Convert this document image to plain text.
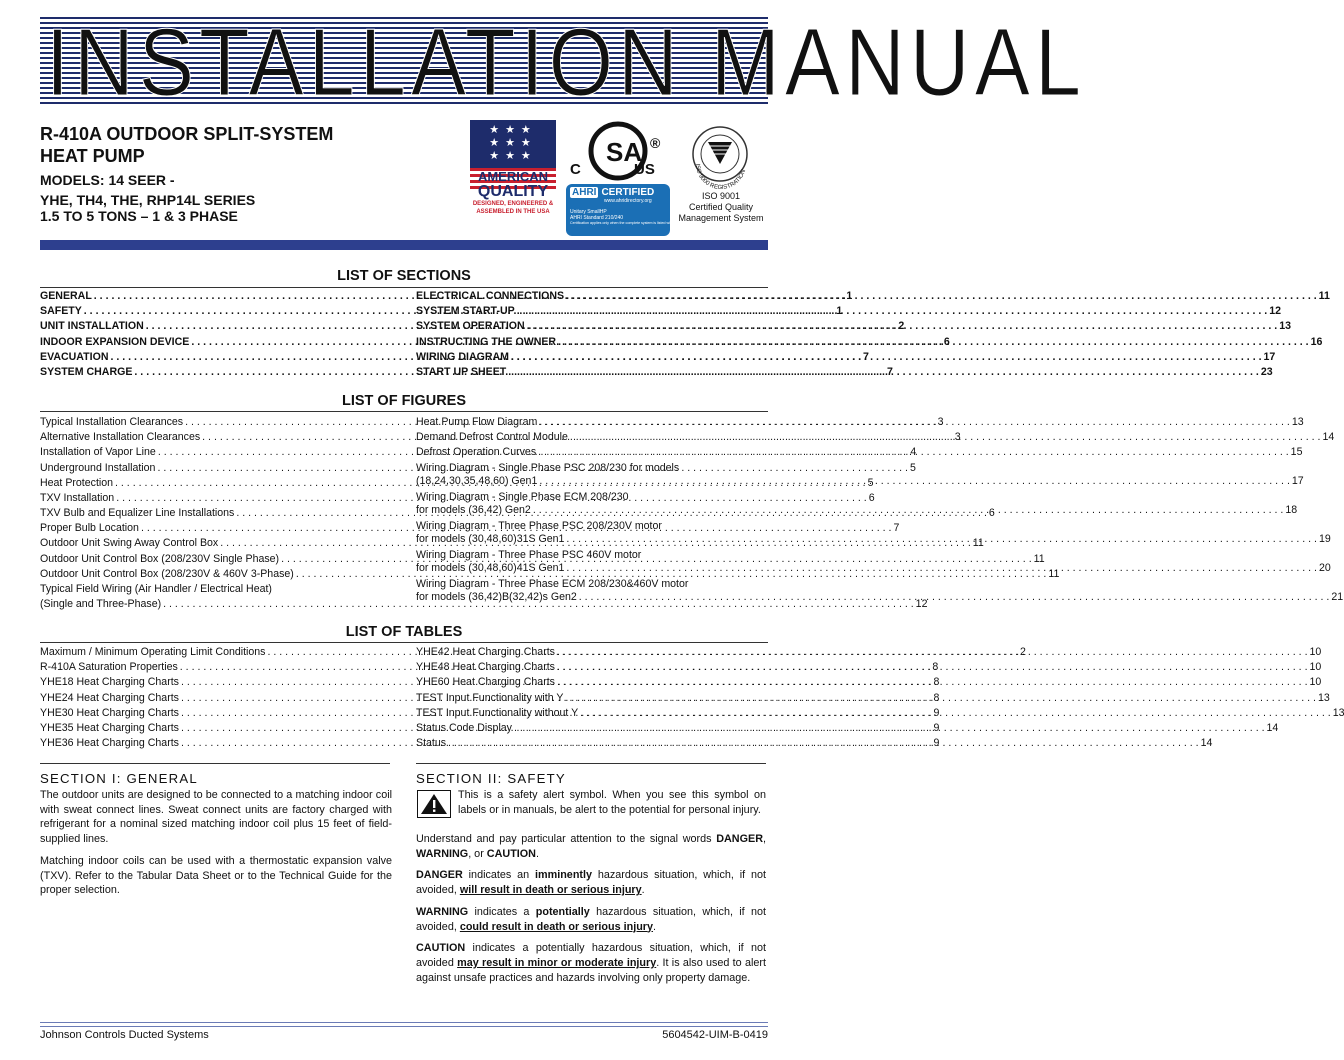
INSTALLATION MANUAL
R-410A OUTDOOR SPLIT-SYSTEM
HEAT PUMP
MODELS: 14 SEER -
YHE, TH4, THE, RHP14L SERIES
1.5 TO 5 TONS – 1 & 3 PHASE
★★★
★★★
★★★
AMERICAN
QUALITY
DESIGNED, ENGINEERED &
ASSEMBLED IN THE USA
SA
C	US
®
AHRI CERTIFIED
www.ahridirectory.org
Unitary SmallHP
AHRI Standard 210/240
Certification applies only when the complete system is listed with AHRI.
ISO 9000 REGISTRATION
ISO 9001
Certified Quality
Management System
LIST OF SECTIONS
GENERAL . . .	1
SAFETY . . .	1
UNIT INSTALLATION . . .	2
INDOOR EXPANSION DEVICE . . .	6
EVACUATION . . .	7
SYSTEM CHARGE . . .	7
ELECTRICAL CONNECTIONS . . .	11
SYSTEM START-UP . . .	12
SYSTEM OPERATION . . .	13
INSTRUCTING THE OWNER . . .	16
WIRING DIAGRAM . . .	17
START UP SHEET . . .	23
LIST OF FIGURES
Typical Installation Clearances . . .	3
Alternative Installation Clearances . . .	3
Installation of Vapor Line . . .	4
Underground Installation . . .	5
Heat Protection . . .	5
TXV Installation . . .	6
TXV Bulb and Equalizer Line Installations . . .	6
Proper Bulb Location . . .	7
Outdoor Unit Swing Away Control Box . . .	11
Outdoor Unit Control Box (208/230V Single Phase) . . .	11
Outdoor Unit Control Box (208/230V & 460V 3-Phase) . . .	11
Typical Field Wiring (Air Handler / Electrical Heat)
(Single and Three-Phase) . . .	12
Heat Pump Flow Diagram . . .	13
Demand Defrost Control Module . . .	14
Defrost Operation Curves . . .	15
Wiring Diagram - Single Phase PSC 208/230 for models
(18,24,30,35,48,60) Gen1 . . .	17
Wiring Diagram - Single Phase ECM 208/230
for models (36,42) Gen2 . . .	18
Wiring Diagram - Three Phase PSC 208/230V motor
for models (30,48,60)31S Gen1 . . .	19
Wiring Diagram - Three Phase PSC 460V motor
for models (30,48,60)41S Gen1 . . .	20
Wiring Diagram - Three Phase ECM 208/230&460V motor
for models (36,42)B(32,42)s Gen2 . . .	21
LIST OF TABLES
Maximum / Minimum Operating Limit Conditions . . .	2
R-410A Saturation Properties . . .	8
YHE18 Heat Charging Charts . . .	8
YHE24 Heat Charging Charts . . .	8
YHE30 Heat Charging Charts . . .	9
YHE35 Heat Charging Charts . . .	9
YHE36 Heat Charging Charts . . .	9
YHE42 Heat Charging Charts . . .	10
YHE48 Heat Charging Charts . . .	10
YHE60 Heat Charging Charts . . .	10
TEST Input Functionality with Y . . .	13
TEST Input Functionality without Y . . .	13
Status Code Display . . .	14
Status . . .	14
SECTION I: GENERAL

The outdoor units are designed to be connected to a matching indoor coil with sweat connect lines. Sweat connect units are factory charged with refrigerant for a nominal sized matching indoor coil plus 15 feet of field-supplied lines.

Matching indoor coils can be used with a thermostatic expansion valve (TXV). Refer to the Tabular Data Sheet or to the Technical Guide for the proper selection.

SECTION II: SAFETY
This is a safety alert symbol. When you see this symbol on labels or in manuals, be alert to the potential for personal injury.

Understand and pay particular attention to the signal words DANGER, WARNING, or CAUTION.

DANGER indicates an imminently hazardous situation, which, if not avoided, will result in death or serious injury.

WARNING indicates a potentially hazardous situation, which, if not avoided, could result in death or serious injury.

CAUTION indicates a potentially hazardous situation, which, if not avoided may result in minor or moderate injury. It is also used to alert against unsafe practices and hazards involving only property damage.

Johnson Controls Ducted Systems	5604542-UIM-B-0419
